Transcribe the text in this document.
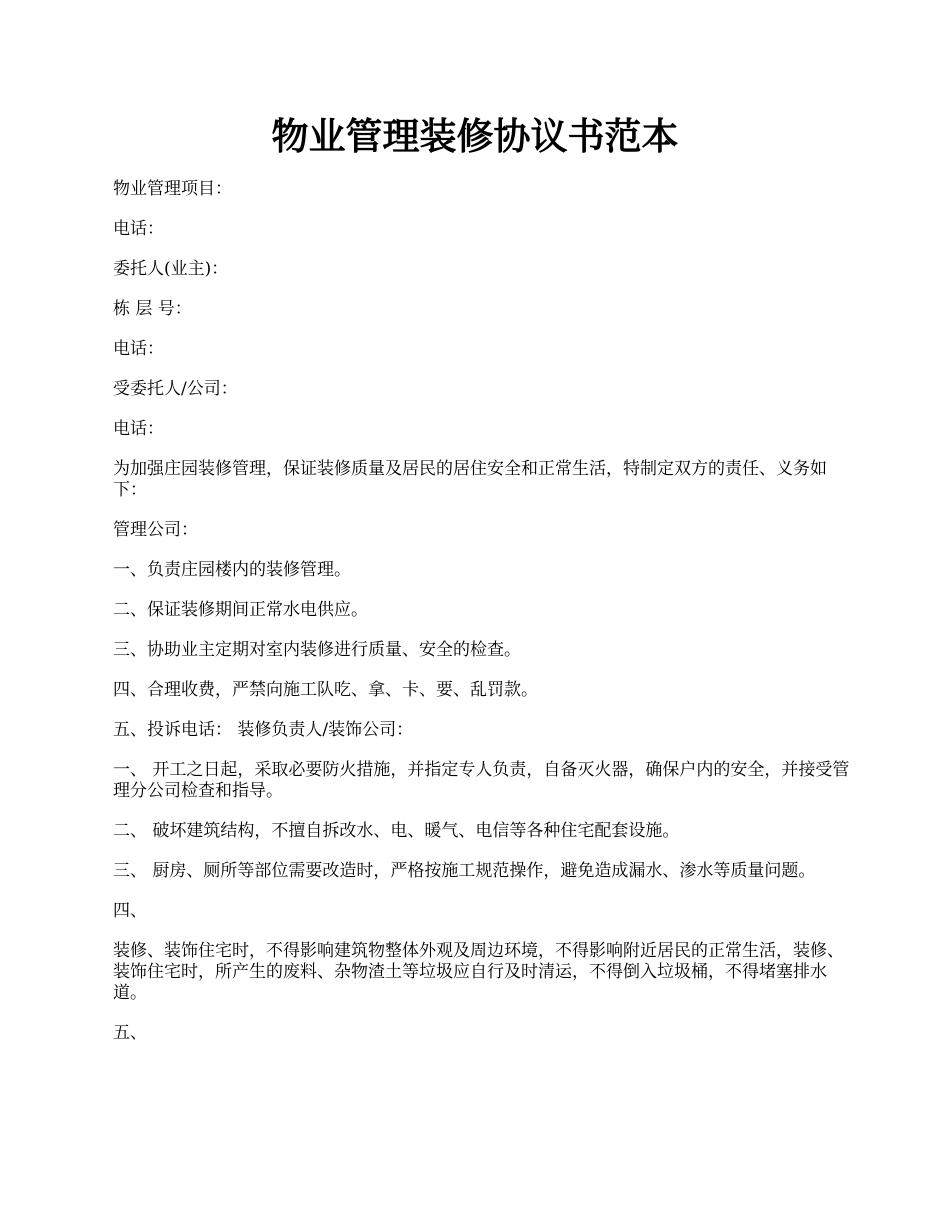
物业管理装修协议书范本

物业管理项目：

电话：

委托人(业主)：

栋 层 号：

电话：

受委托人/公司：

电话：

为加强庄园装修管理，保证装修质量及居民的居住安全和正常生活，特制定双方的责任、义务如下：

管理公司：

一、负责庄园楼内的装修管理。

二、保证装修期间正常水电供应。

三、协助业主定期对室内装修进行质量、安全的检查。

四、合理收费，严禁向施工队吃、拿、卡、要、乱罚款。

五、投诉电话： 装修负责人/装饰公司：

一、 开工之日起，采取必要防火措施，并指定专人负责，自备灭火器，确保户内的安全，并接受管理分公司检查和指导。

二、 破坏建筑结构，不擅自拆改水、电、暖气、电信等各种住宅配套设施。

三、 厨房、厕所等部位需要改造时，严格按施工规范操作，避免造成漏水、渗水等质量问题。

四、

装修、装饰住宅时，不得影响建筑物整体外观及周边环境，不得影响附近居民的正常生活，装修、装饰住宅时，所产生的废料、杂物渣土等垃圾应自行及时清运，不得倒入垃圾桶，不得堵塞排水道。

五、
